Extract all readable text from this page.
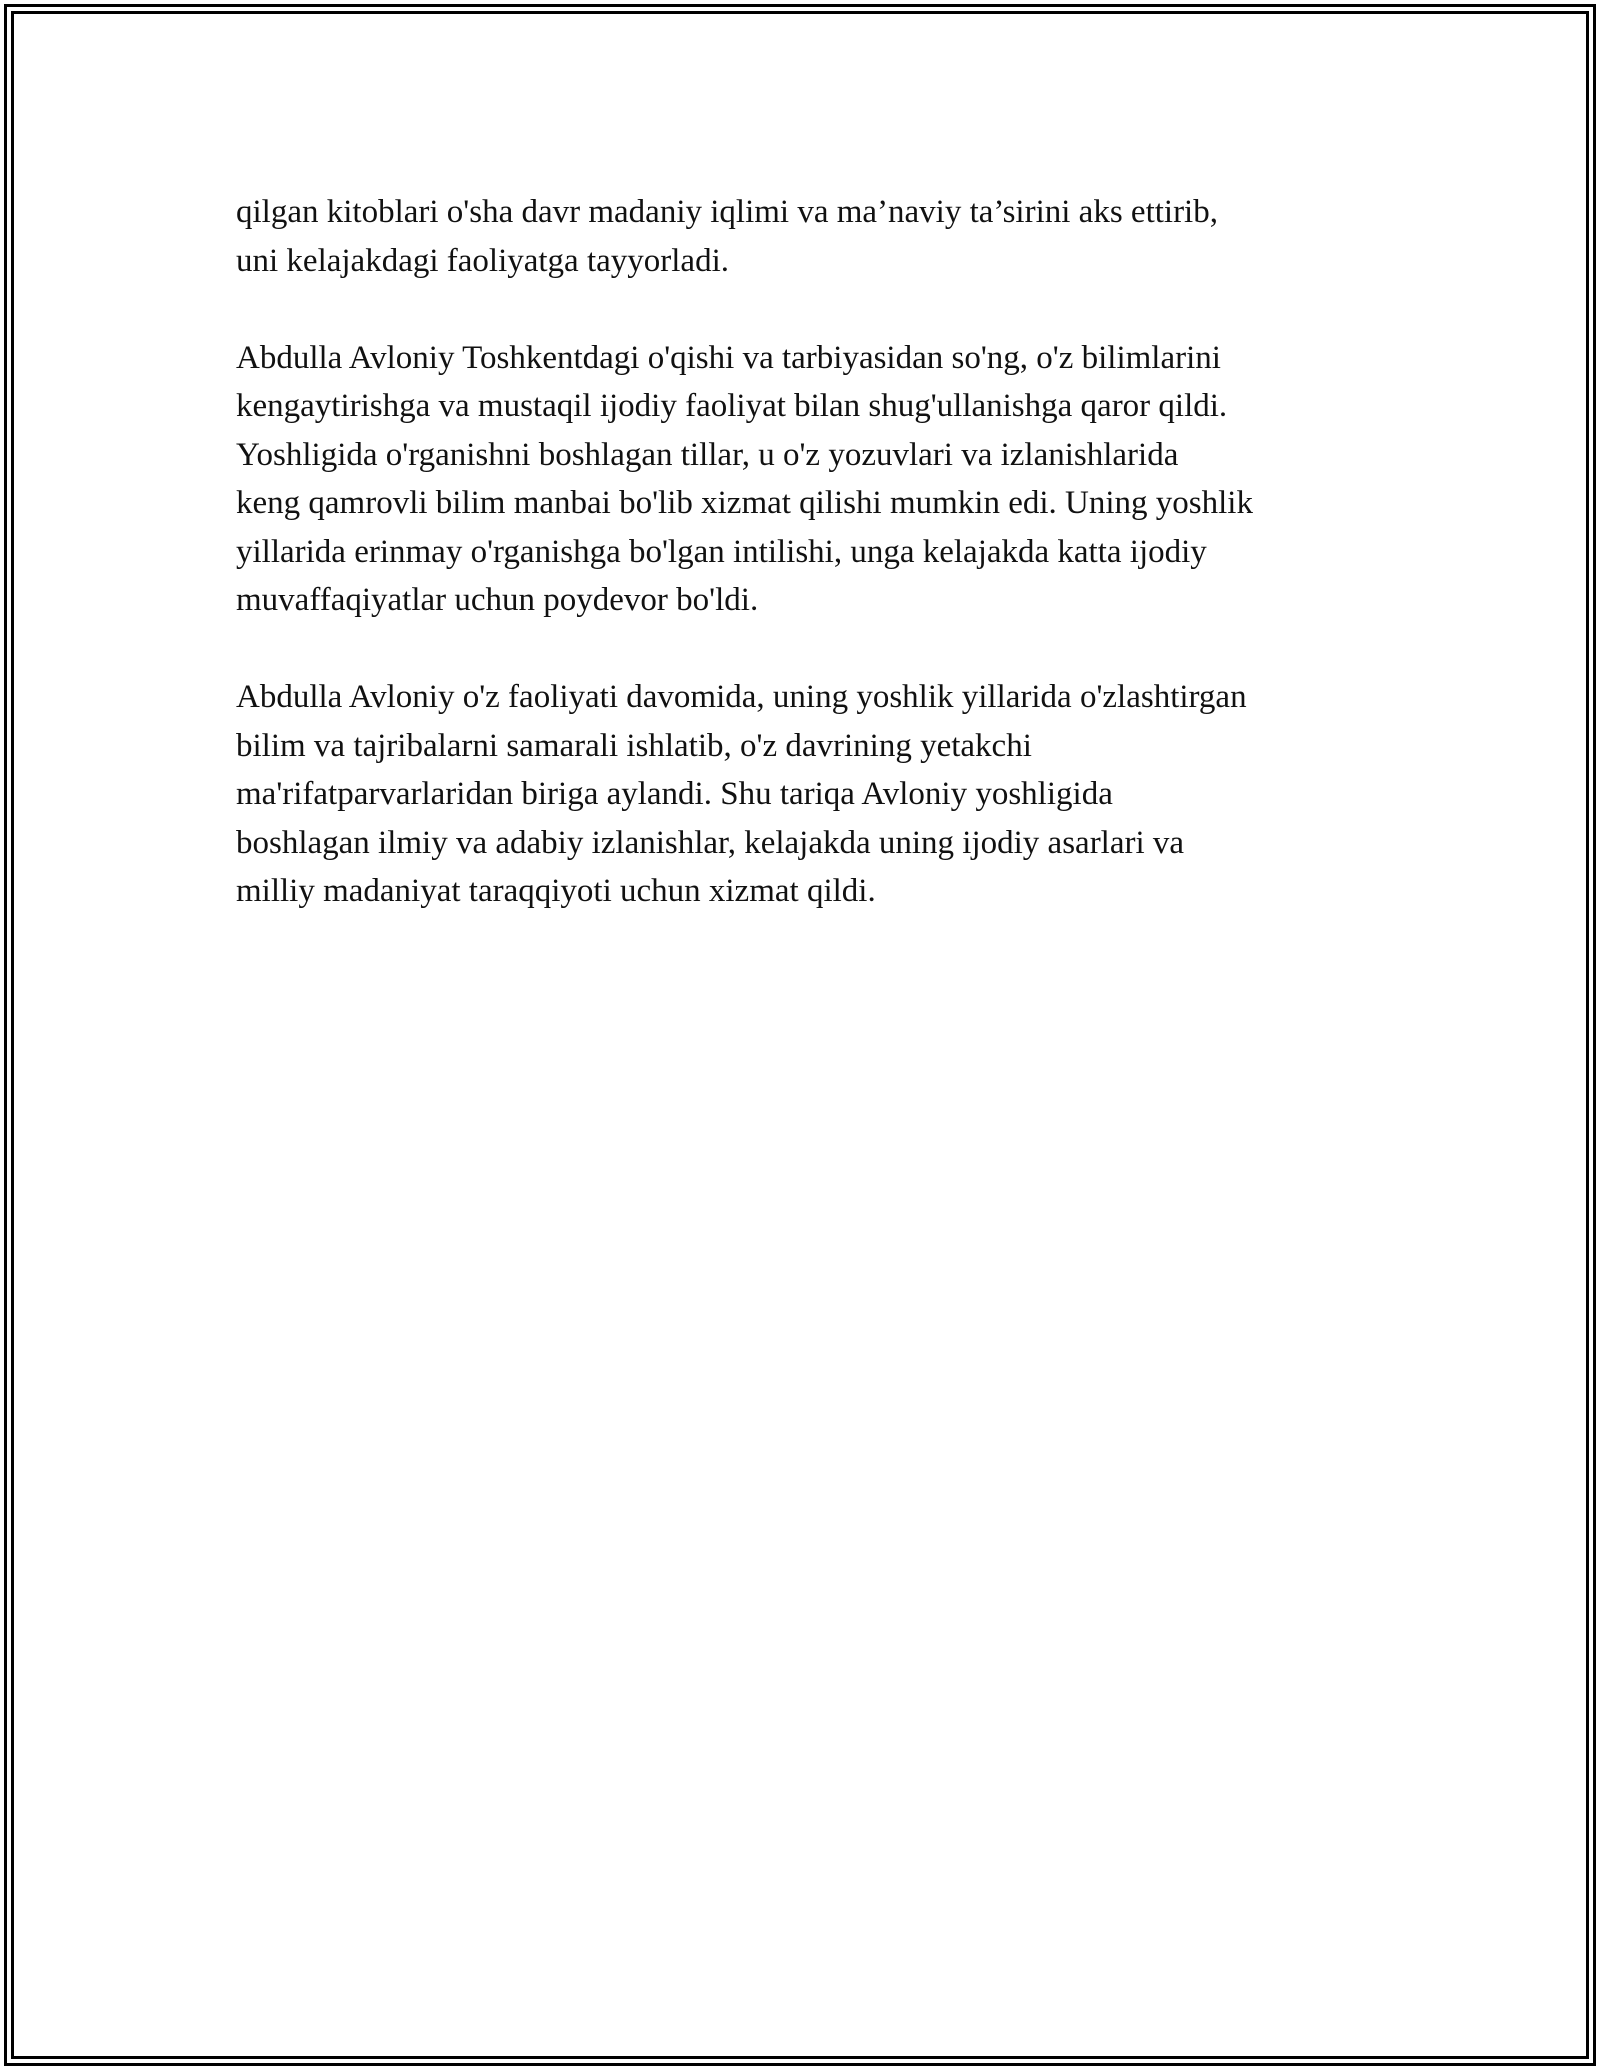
qilgan kitoblari o'sha davr madaniy iqlimi va ma’naviy ta’sirini aks ettirib,
uni kelajakdagi faoliyatga tayyorladi.

Abdulla Avloniy Toshkentdagi o'qishi va tarbiyasidan so'ng, o'z bilimlarini
kengaytirishga va mustaqil ijodiy faoliyat bilan shug'ullanishga qaror qildi.
Yoshligida o'rganishni boshlagan tillar, u o'z yozuvlari va izlanishlarida
keng qamrovli bilim manbai bo'lib xizmat qilishi mumkin edi. Uning yoshlik
yillarida erinmay o'rganishga bo'lgan intilishi, unga kelajakda katta ijodiy
muvaffaqiyatlar uchun poydevor bo'ldi.

Abdulla Avloniy o'z faoliyati davomida, uning yoshlik yillarida o'zlashtirgan
bilim va tajribalarni samarali ishlatib, o'z davrining yetakchi
ma'rifatparvarlaridan biriga aylandi. Shu tariqa Avloniy yoshligida
boshlagan ilmiy va adabiy izlanishlar, kelajakda uning ijodiy asarlari va
milliy madaniyat taraqqiyoti uchun xizmat qildi.
